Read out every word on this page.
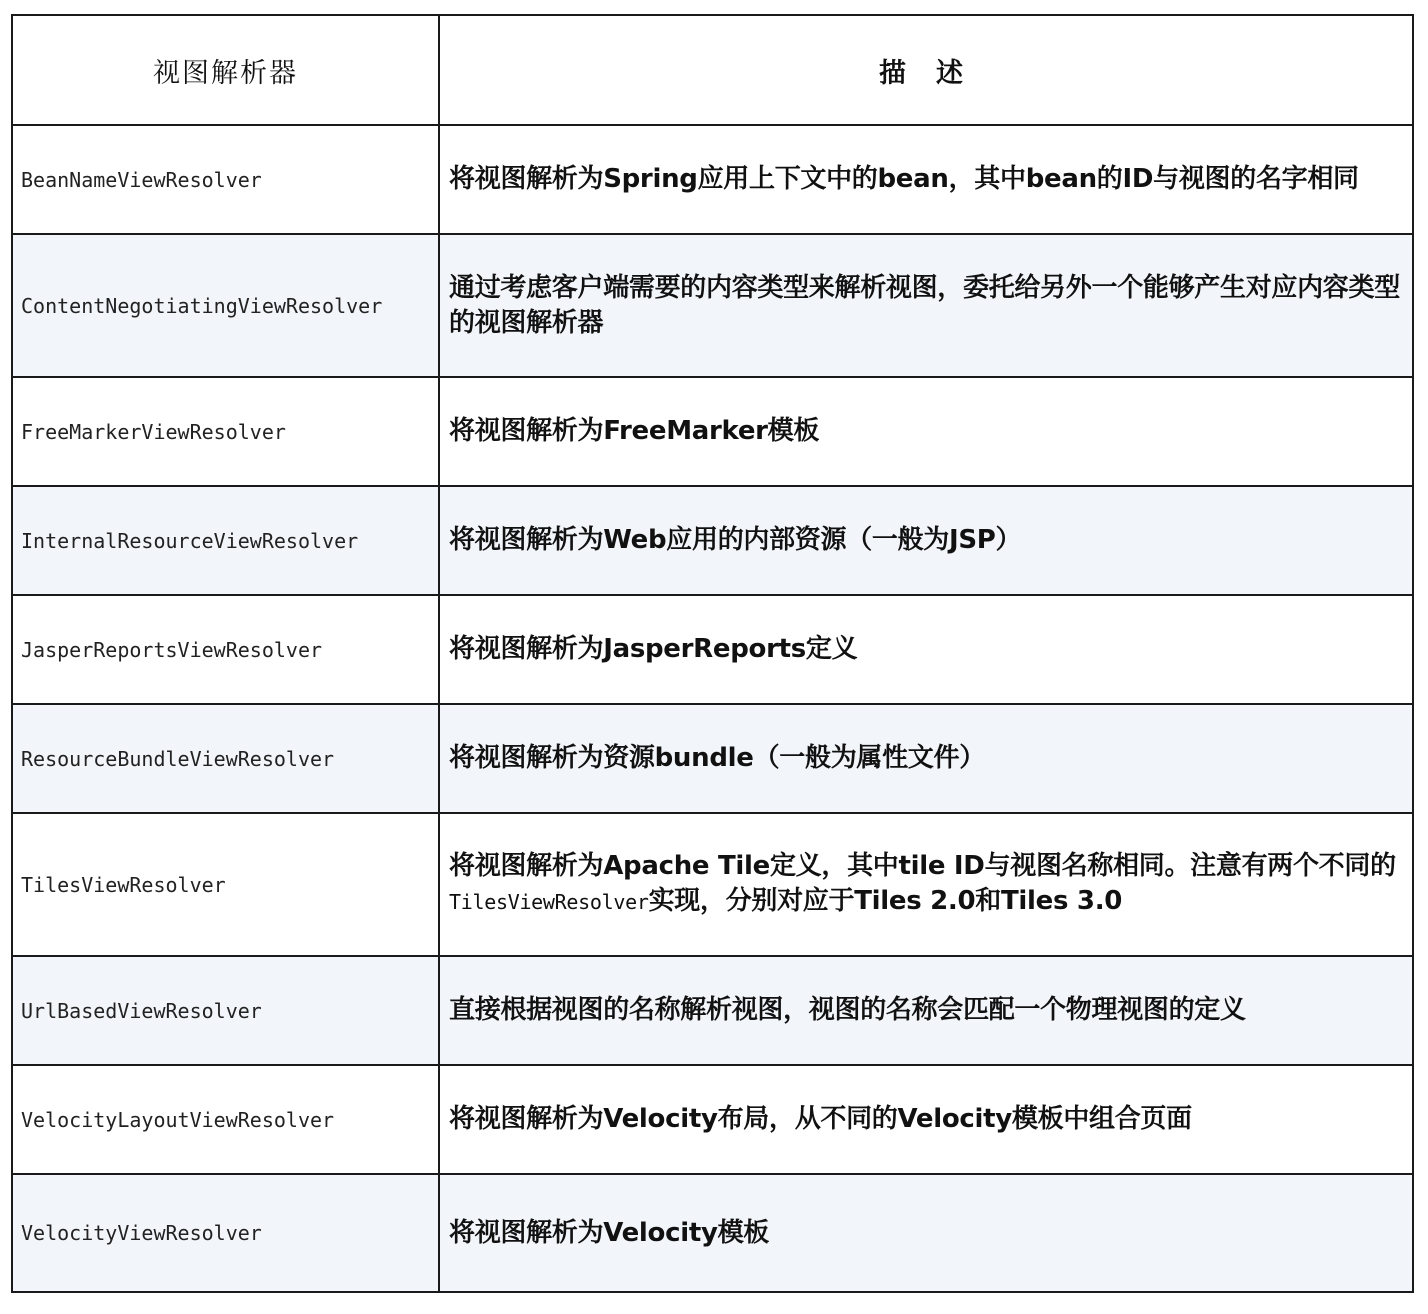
视图解析器	描述
BeanNameViewResolver	将视图解析为Spring应用上下文中的bean，其中bean的ID与视图的名字相同
ContentNegotiatingViewResolver	通过考虑客户端需要的内容类型来解析视图，委托给另外一个能够产生对应内容类型的视图解析器
FreeMarkerViewResolver	将视图解析为FreeMarker模板
InternalResourceViewResolver	将视图解析为Web应用的内部资源（一般为JSP）
JasperReportsViewResolver	将视图解析为JasperReports定义
ResourceBundleViewResolver	将视图解析为资源bundle（一般为属性文件）
TilesViewResolver	将视图解析为Apache Tile定义，其中tile ID与视图名称相同。注意有两个不同的TilesViewResolver实现，分别对应于Tiles 2.0和Tiles 3.0
UrlBasedViewResolver	直接根据视图的名称解析视图，视图的名称会匹配一个物理视图的定义
VelocityLayoutViewResolver	将视图解析为Velocity布局，从不同的Velocity模板中组合页面
VelocityViewResolver	将视图解析为Velocity模板
